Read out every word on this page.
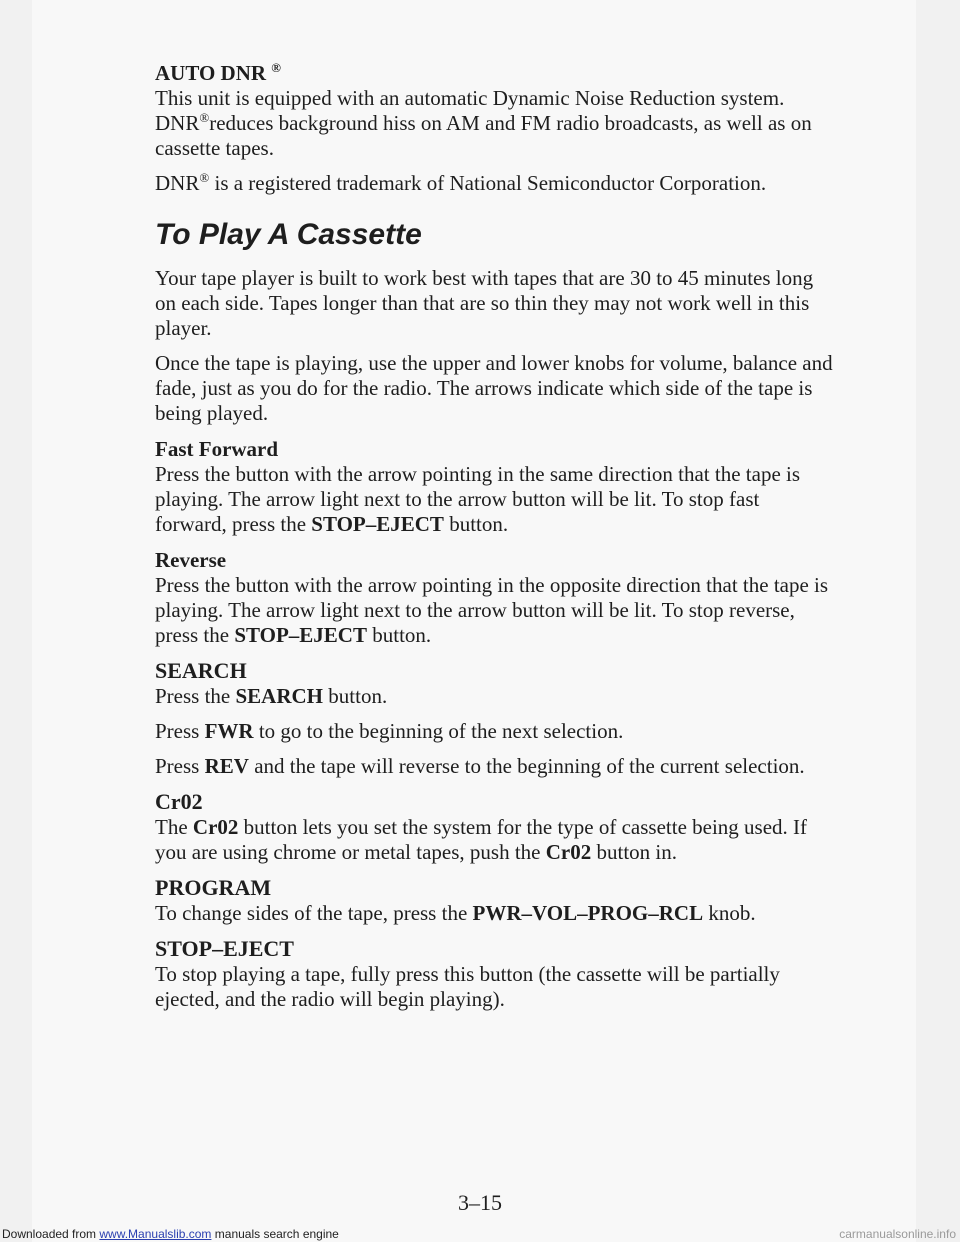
AUTO DNR ®
This unit is equipped with an automatic Dynamic Noise Reduction system. DNR®reduces background hiss on AM and FM radio broadcasts, as well as on cassette tapes.

DNR® is a registered trademark of National Semiconductor Corporation.

To Play A Cassette

Your tape player is built to work best with tapes that are 30 to 45 minutes long on each side. Tapes longer than that are so thin they may not work well in this player.

Once the tape is playing, use the upper and lower knobs for volume, balance and fade, just as you do for the radio. The arrows indicate which side of the tape is being played.

Fast Forward
Press the button with the arrow pointing in the same direction that the tape is playing. The arrow light next to the arrow button will be lit. To stop fast forward, press the STOP–EJECT button.

Reverse
Press the button with the arrow pointing in the opposite direction that the tape is playing. The arrow light next to the arrow button will be lit. To stop reverse, press the STOP–EJECT button.

SEARCH
Press the SEARCH button.

Press FWR to go to the beginning of the next selection.

Press REV and the tape will reverse to the beginning of the current selection.

Cr02
The Cr02 button lets you set the system for the type of cassette being used. If you are using chrome or metal tapes, push the Cr02 button in.

PROGRAM
To change sides of the tape, press the PWR–VOL–PROG–RCL knob.

STOP–EJECT
To stop playing a tape, fully press this button (the cassette will be partially ejected, and the radio will begin playing).

3–15
Downloaded from www.Manualslib.com manuals search engine	carmanualsonline.info
